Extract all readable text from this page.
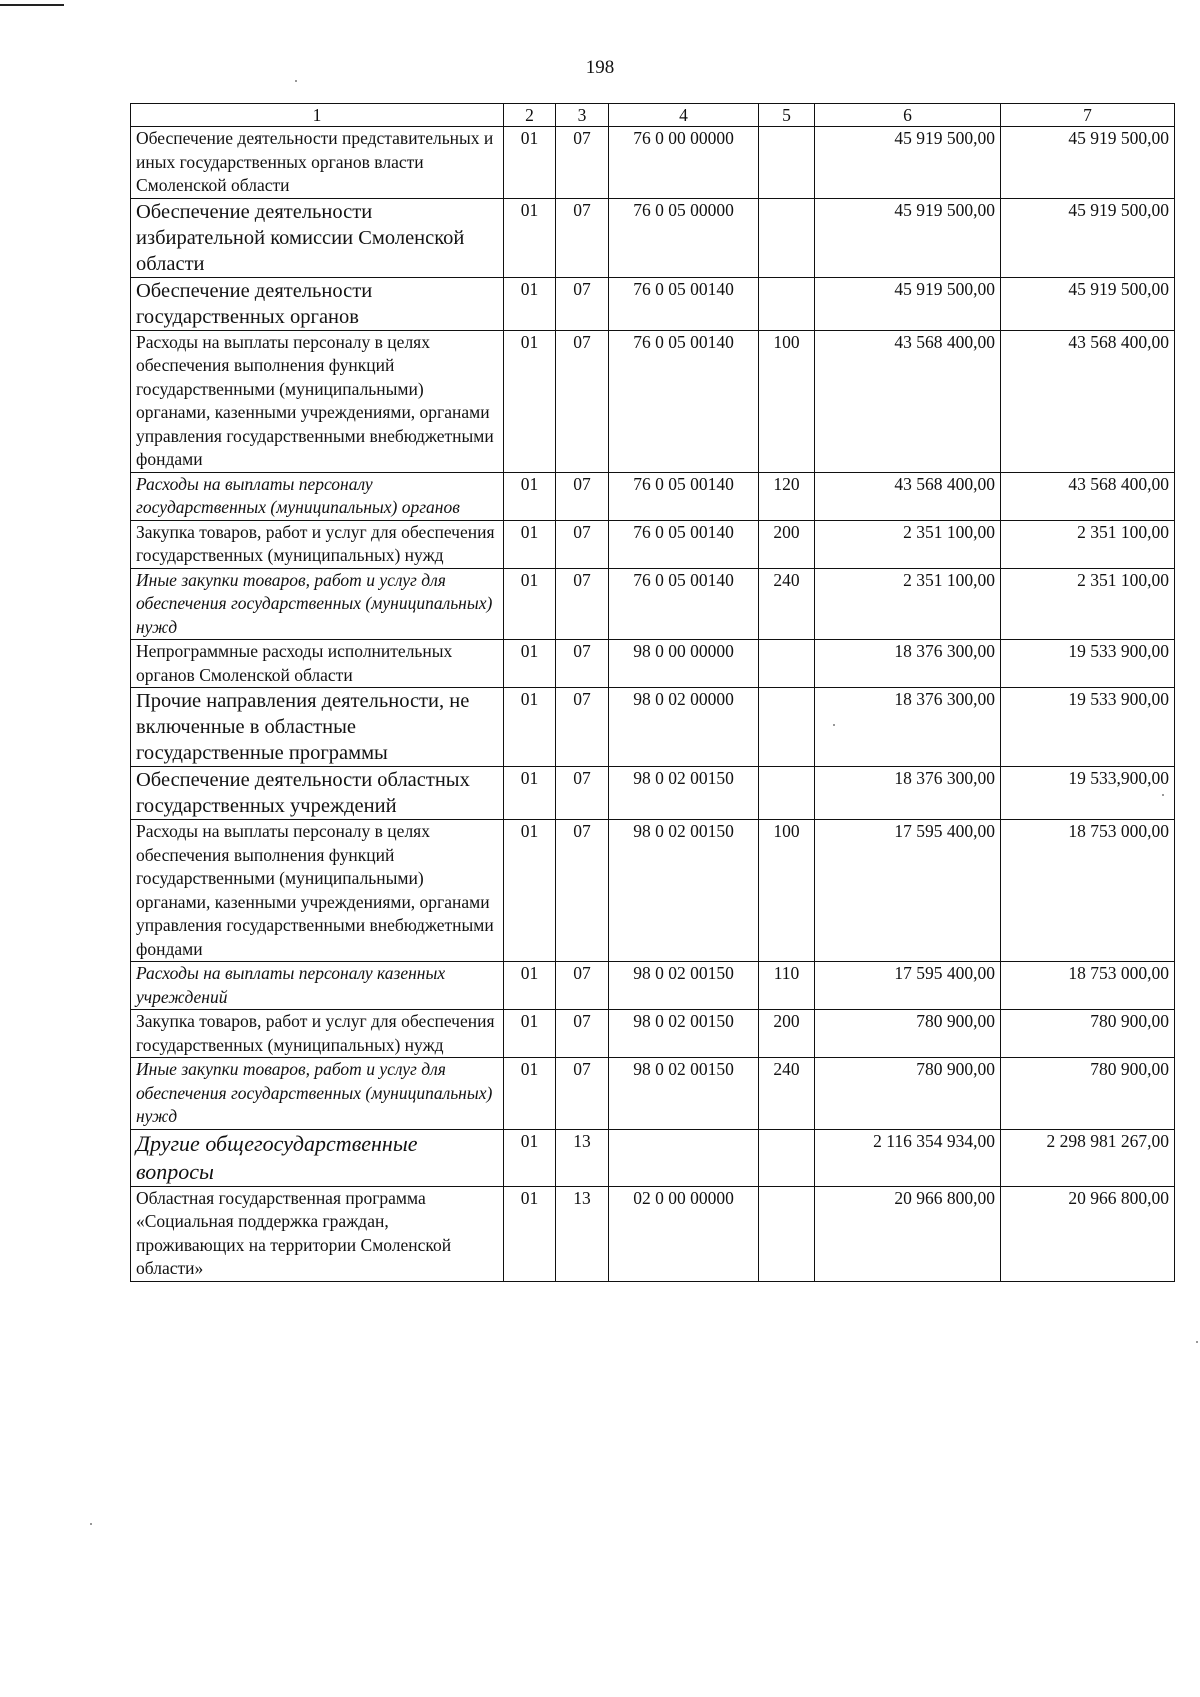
198
1	2	3	4	5	6	7
Обеспечение деятельности представительных и иных государственных органов власти Смоленской области	01	07	76 0 00 00000		45 919 500,00	45 919 500,00
Обеспечение деятельности избирательной комиссии Смоленской области	01	07	76 0 05 00000		45 919 500,00	45 919 500,00
Обеспечение деятельности государственных органов	01	07	76 0 05 00140		45 919 500,00	45 919 500,00
Расходы на выплаты персоналу в целях обеспечения выполнения функций государственными (муниципальными) органами, казенными учреждениями, органами управления государственными внебюджетными фондами	01	07	76 0 05 00140	100	43 568 400,00	43 568 400,00
Расходы на выплаты персоналу государственных (муниципальных) органов	01	07	76 0 05 00140	120	43 568 400,00	43 568 400,00
Закупка товаров, работ и услуг для обеспечения государственных (муниципальных) нужд	01	07	76 0 05 00140	200	2 351 100,00	2 351 100,00
Иные закупки товаров, работ и услуг для обеспечения государственных (муниципальных) нужд	01	07	76 0 05 00140	240	2 351 100,00	2 351 100,00
Непрограммные расходы исполнительных органов Смоленской области	01	07	98 0 00 00000		18 376 300,00	19 533 900,00
Прочие направления деятельности, не включенные в областные государственные программы	01	07	98 0 02 00000		18 376 300,00	19 533 900,00
Обеспечение деятельности областных государственных учреждений	01	07	98 0 02 00150		18 376 300,00	19 533,900,00
Расходы на выплаты персоналу в целях обеспечения выполнения функций государственными (муниципальными) органами, казенными учреждениями, органами управления государственными внебюджетными фондами	01	07	98 0 02 00150	100	17 595 400,00	18 753 000,00
Расходы на выплаты персоналу казенных учреждений	01	07	98 0 02 00150	110	17 595 400,00	18 753 000,00
Закупка товаров, работ и услуг для обеспечения государственных (муниципальных) нужд	01	07	98 0 02 00150	200	780 900,00	780 900,00
Иные закупки товаров, работ и услуг для обеспечения государственных (муниципальных) нужд	01	07	98 0 02 00150	240	780 900,00	780 900,00
Другие общегосударственные вопросы	01	13			2 116 354 934,00	2 298 981 267,00
Областная государственная программа «Социальная поддержка граждан, проживающих на территории Смоленской области»	01	13	02 0 00 00000		20 966 800,00	20 966 800,00
